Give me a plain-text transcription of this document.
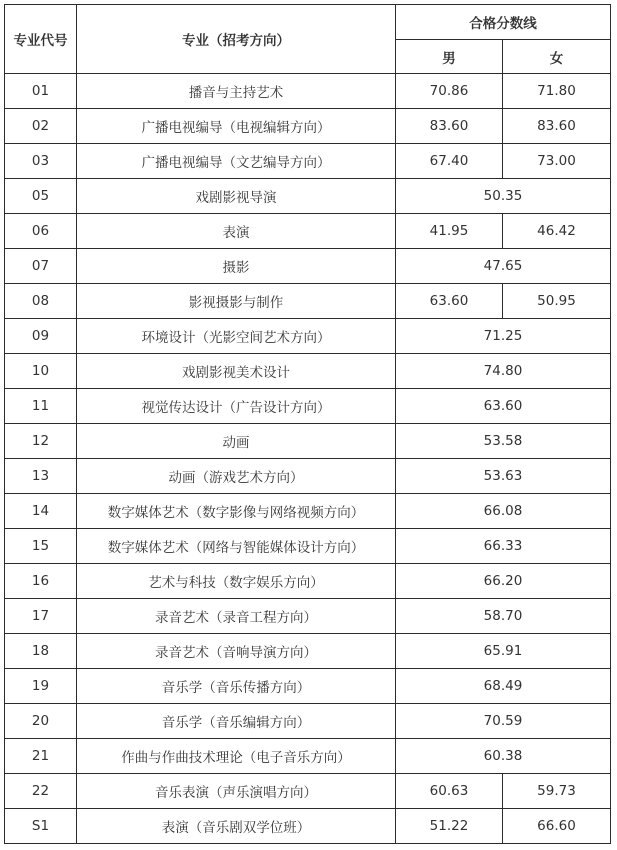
专业代号	专业（招考方向）	合格分数线	
		男	女
01	播音与主持艺术	70.86	71.80
02	广播电视编导（电视编辑方向）	83.60	83.60
03	广播电视编导（文艺编导方向）	67.40	73.00
05	戏剧影视导演	50.35	
06	表演	41.95	46.42
07	摄影	47.65	
08	影视摄影与制作	63.60	50.95
09	环境设计（光影空间艺术方向）	71.25	
10	戏剧影视美术设计	74.80	
11	视觉传达设计（广告设计方向）	63.60	
12	动画	53.58	
13	动画（游戏艺术方向）	53.63	
14	数字媒体艺术（数字影像与网络视频方向）	66.08	
15	数字媒体艺术（网络与智能媒体设计方向）	66.33	
16	艺术与科技（数字娱乐方向）	66.20	
17	录音艺术（录音工程方向）	58.70	
18	录音艺术（音响导演方向）	65.91	
19	音乐学（音乐传播方向）	68.49	
20	音乐学（音乐编辑方向）	70.59	
21	作曲与作曲技术理论（电子音乐方向）	60.38	
22	音乐表演（声乐演唱方向）	60.63	59.73
S1	表演（音乐剧双学位班）	51.22	66.60
